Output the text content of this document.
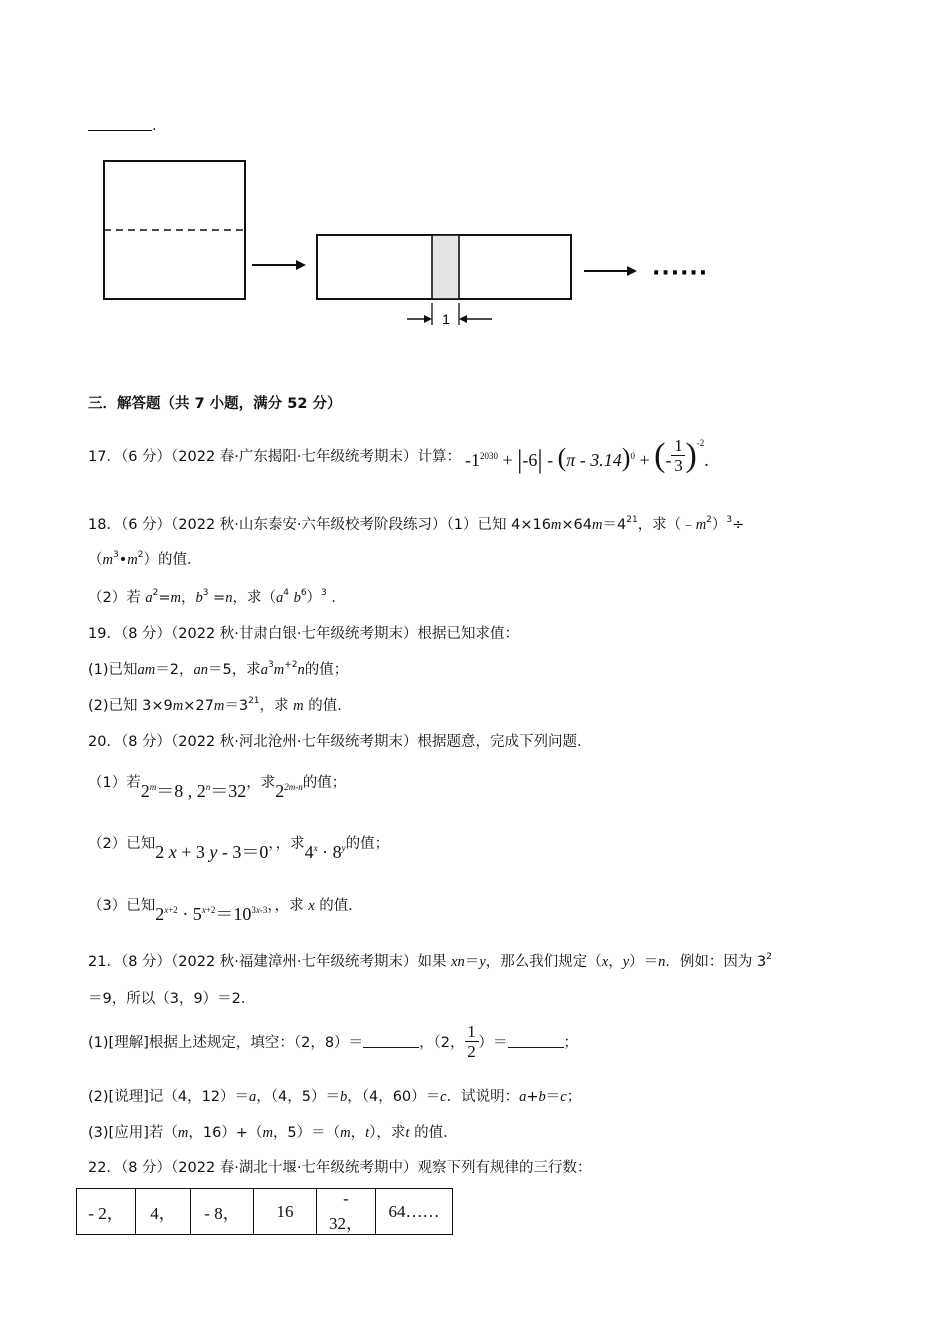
.
1
······
三．解答题（共 7 小题，满分 52 分）
17．（6 分）（2022 春·广东揭阳·七年级统考期末）计算： $-1^{2030} + |-6| - (\pi - 3.14)^0$ + (- $\frac{1}{3} )^{-2}$.
18．（6 分）（2022 秋·山东泰安·六年级校考阶段练习）（1）已知 $4\times 16m\times 64m=4^{21}$，求$(﹣m^2)^3\div$
$(m^3•m^2)$的值．
（2）若 $a^2=m$，$b^3 =n$，求（$a^4$ $b^6)^3$ ．
19．（8 分）（2022 秋·甘肃白银·七年级统考期末）根据已知求值：
(1)已知am＝2，an＝5，求$a^3m^{+2}n$的值；
(2)已知 $3\times 9m\times 27m=3^{21}$，求 m 的值.
20．（8 分）（2022 秋·河北沧州·七年级统考期末）根据题意，完成下列问题．
（1）若$2^m=8$ , $2^n=32$，求$2^{2m-n}$的值；
（2）已知2 x + 3 y - 3＝0，，求$4^x \cdot 8^y$的值；
（3）已知$2^{x+2} \cdot 5^{x+2}=10^{3x-3}$，，求 x 的值．
21．（8 分）（2022 秋·福建漳州·七年级统考期末）如果 xn＝y，那么我们规定（x，y）＝n．例如：因为 $3^2$
＝9，所以（3，9）＝2．
(1)[理解]根据上述规定，填空：（2，8）＝	，（2， $\frac{1}{2}$ ）＝	；
(2)[说理]记（4，12）＝a，（4，5）＝b，（4，60）＝c．试说明：a+b＝c；
(3)[应用]若（m，16）+（m，5）＝（m，t），求t 的值．
22．（8 分）（2022 春·湖北十堰·七年级统考期中）观察下列有规律的三行数：
- 2，	4，	- 8，	16	- 32，	64……
